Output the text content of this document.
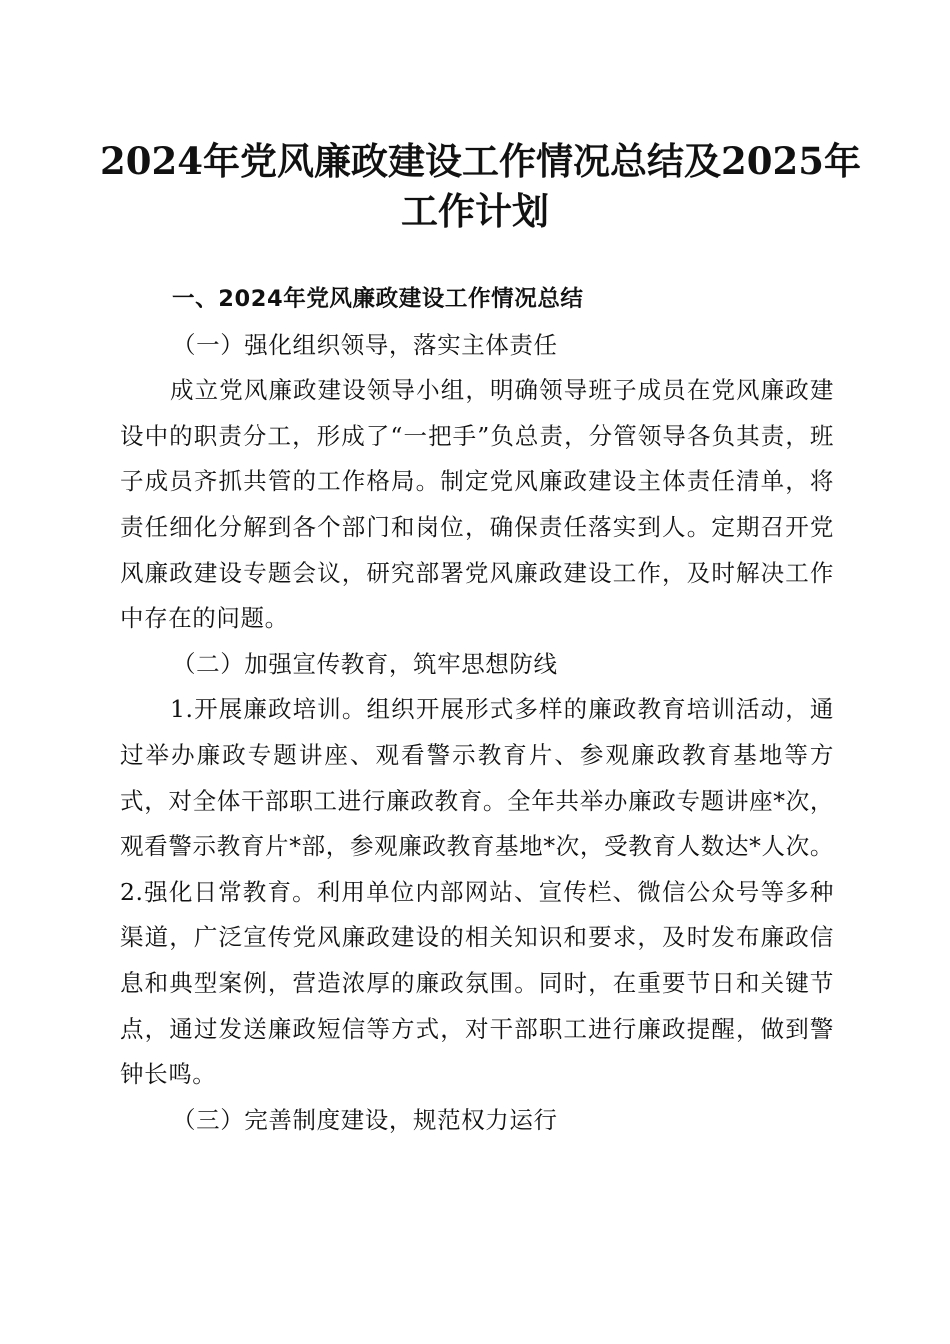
2024年党风廉政建设工作情况总结及2025年
工作计划

一、2024年党风廉政建设工作情况总结

（一）强化组织领导，落实主体责任

成立党风廉政建设领导小组，明确领导班子成员在党风廉政建设中的职责分工，形成了“一把手”负总责，分管领导各负其责，班子成员齐抓共管的工作格局。制定党风廉政建设主体责任清单，将责任细化分解到各个部门和岗位，确保责任落实到人。定期召开党风廉政建设专题会议，研究部署党风廉政建设工作，及时解决工作中存在的问题。

（二）加强宣传教育，筑牢思想防线

1.开展廉政培训。组织开展形式多样的廉政教育培训活动，通过举办廉政专题讲座、观看警示教育片、参观廉政教育基地等方式，对全体干部职工进行廉政教育。全年共举办廉政专题讲座*次，观看警示教育片*部，参观廉政教育基地*次，受教育人数达*人次。2.强化日常教育。利用单位内部网站、宣传栏、微信公众号等多种渠道，广泛宣传党风廉政建设的相关知识和要求，及时发布廉政信息和典型案例，营造浓厚的廉政氛围。同时，在重要节日和关键节点，通过发送廉政短信等方式，对干部职工进行廉政提醒，做到警钟长鸣。

（三）完善制度建设，规范权力运行
